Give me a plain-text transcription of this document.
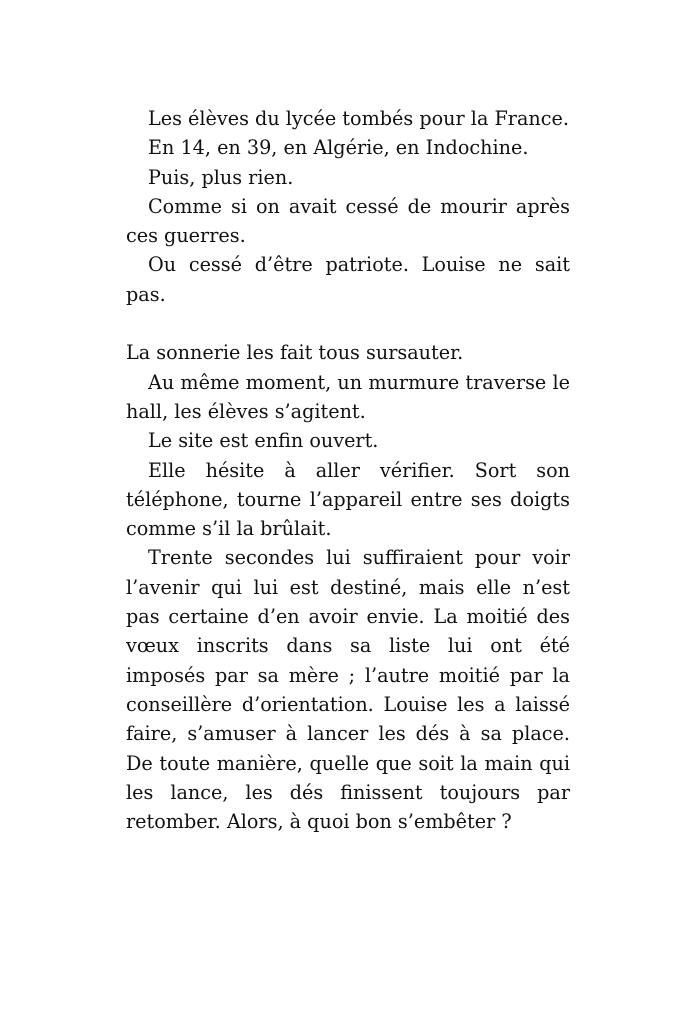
Les élèves du lycée tombés pour la France.

En 14, en 39, en Algérie, en Indochine.

Puis, plus rien.

Comme si on avait cessé de mourir après ces guerres.

Ou cessé d’être patriote. Louise ne sait pas.

La sonnerie les fait tous sursauter.

Au même moment, un murmure traverse le hall, les élèves s’agitent.

Le site est enfin ouvert.

Elle hésite à aller vérifier. Sort son téléphone, tourne l’appareil entre ses doigts comme s’il la brûlait.

Trente secondes lui suffiraient pour voir l’avenir qui lui est destiné, mais elle n’est pas certaine d’en avoir envie. La moitié des vœux inscrits dans sa liste lui ont été imposés par sa mère ; l’autre moitié par la conseillère d’orientation. Louise les a laissé faire, s’amuser à lancer les dés à sa place. De toute manière, quelle que soit la main qui les lance, les dés finissent toujours par retomber. Alors, à quoi bon s’embêter ?
